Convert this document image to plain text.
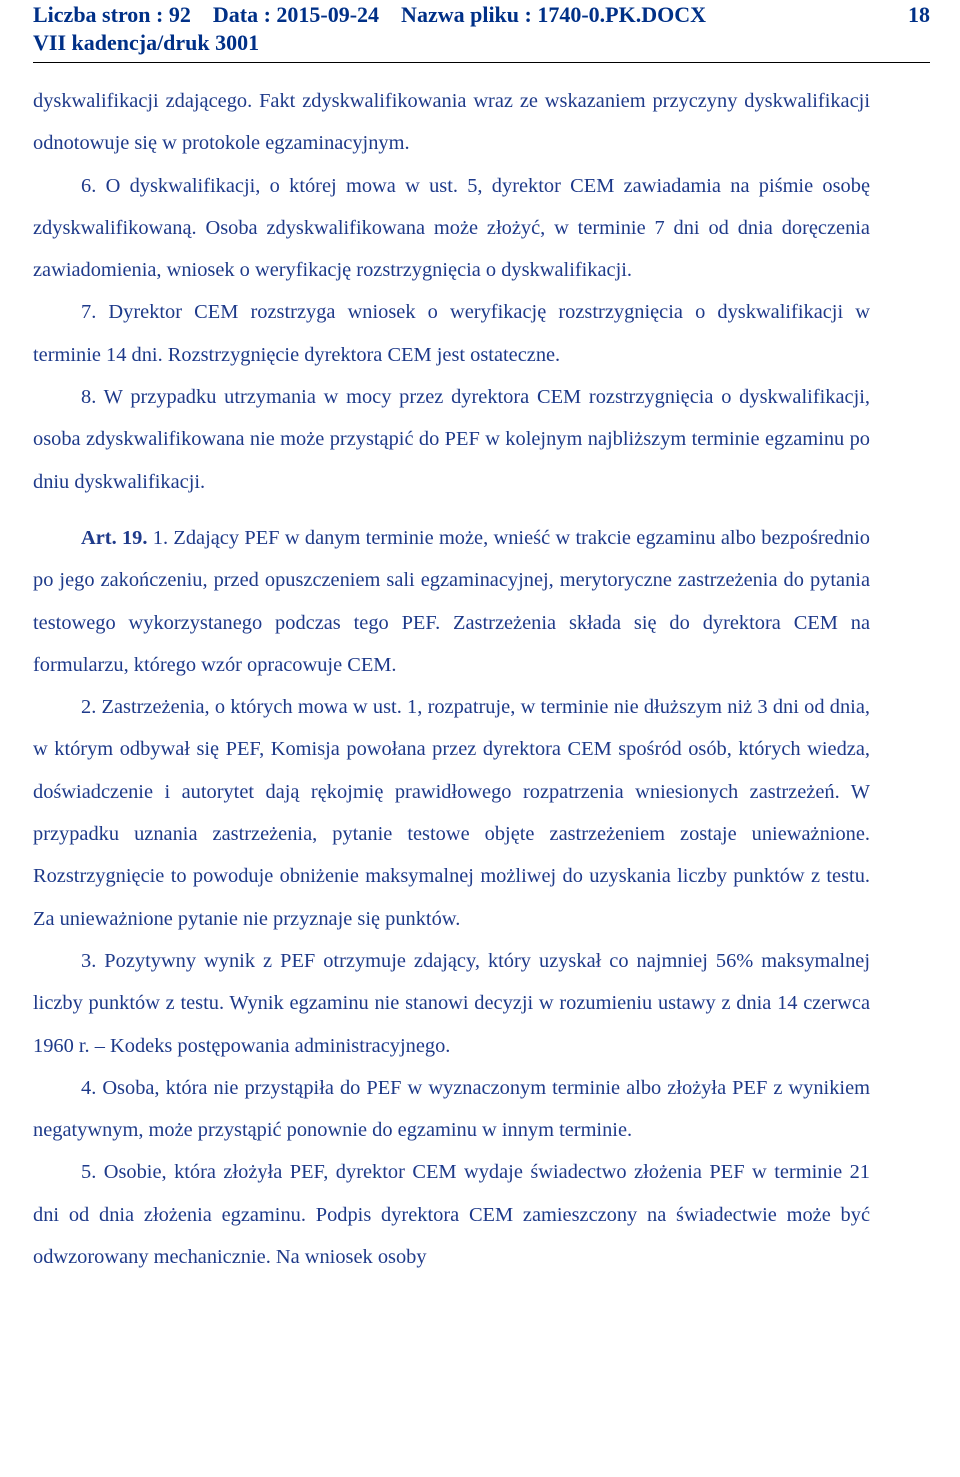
Liczba stron : 92    Data : 2015-09-24    Nazwa pliku : 1740-0.PK.DOCX
VII kadencja/druk 3001
18

dyskwalifikacji zdającego. Fakt zdyskwalifikowania wraz ze wskazaniem przyczyny dyskwalifikacji odnotowuje się w protokole egzaminacyjnym.

6. O dyskwalifikacji, o której mowa w ust. 5, dyrektor CEM zawiadamia na piśmie osobę zdyskwalifikowaną. Osoba zdyskwalifikowana może złożyć, w terminie 7 dni od dnia doręczenia zawiadomienia, wniosek o weryfikację rozstrzygnięcia o dyskwalifikacji.

7. Dyrektor CEM rozstrzyga wniosek o weryfikację rozstrzygnięcia o dyskwalifikacji w terminie 14 dni. Rozstrzygnięcie dyrektora CEM jest ostateczne.

8. W przypadku utrzymania w mocy przez dyrektora CEM rozstrzygnięcia o dyskwalifikacji, osoba zdyskwalifikowana nie może przystąpić do PEF w kolejnym najbliższym terminie egzaminu po dniu dyskwalifikacji.

Art. 19. 1. Zdający PEF w danym terminie może, wnieść w trakcie egzaminu albo bezpośrednio po jego zakończeniu, przed opuszczeniem sali egzaminacyjnej, merytoryczne zastrzeżenia do pytania testowego wykorzystanego podczas tego PEF. Zastrzeżenia składa się do dyrektora CEM na formularzu, którego wzór opracowuje CEM.

2. Zastrzeżenia, o których mowa w ust. 1, rozpatruje, w terminie nie dłuższym niż 3 dni od dnia, w którym odbywał się PEF, Komisja powołana przez dyrektora CEM spośród osób, których wiedza, doświadczenie i autorytet dają rękojmię prawidłowego rozpatrzenia wniesionych zastrzeżeń. W przypadku uznania zastrzeżenia, pytanie testowe objęte zastrzeżeniem zostaje unieważnione. Rozstrzygnięcie to powoduje obniżenie maksymalnej możliwej do uzyskania liczby punktów z testu. Za unieważnione pytanie nie przyznaje się punktów.

3. Pozytywny wynik z PEF otrzymuje zdający, który uzyskał co najmniej 56% maksymalnej liczby punktów z testu. Wynik egzaminu nie stanowi decyzji w rozumieniu ustawy z dnia 14 czerwca 1960 r. – Kodeks postępowania administracyjnego.

4. Osoba, która nie przystąpiła do PEF w wyznaczonym terminie albo złożyła PEF z wynikiem negatywnym, może przystąpić ponownie do egzaminu w innym terminie.

5. Osobie, która złożyła PEF, dyrektor CEM wydaje świadectwo złożenia PEF w terminie 21 dni od dnia złożenia egzaminu. Podpis dyrektora CEM zamieszczony na świadectwie może być odwzorowany mechanicznie. Na wniosek osoby
